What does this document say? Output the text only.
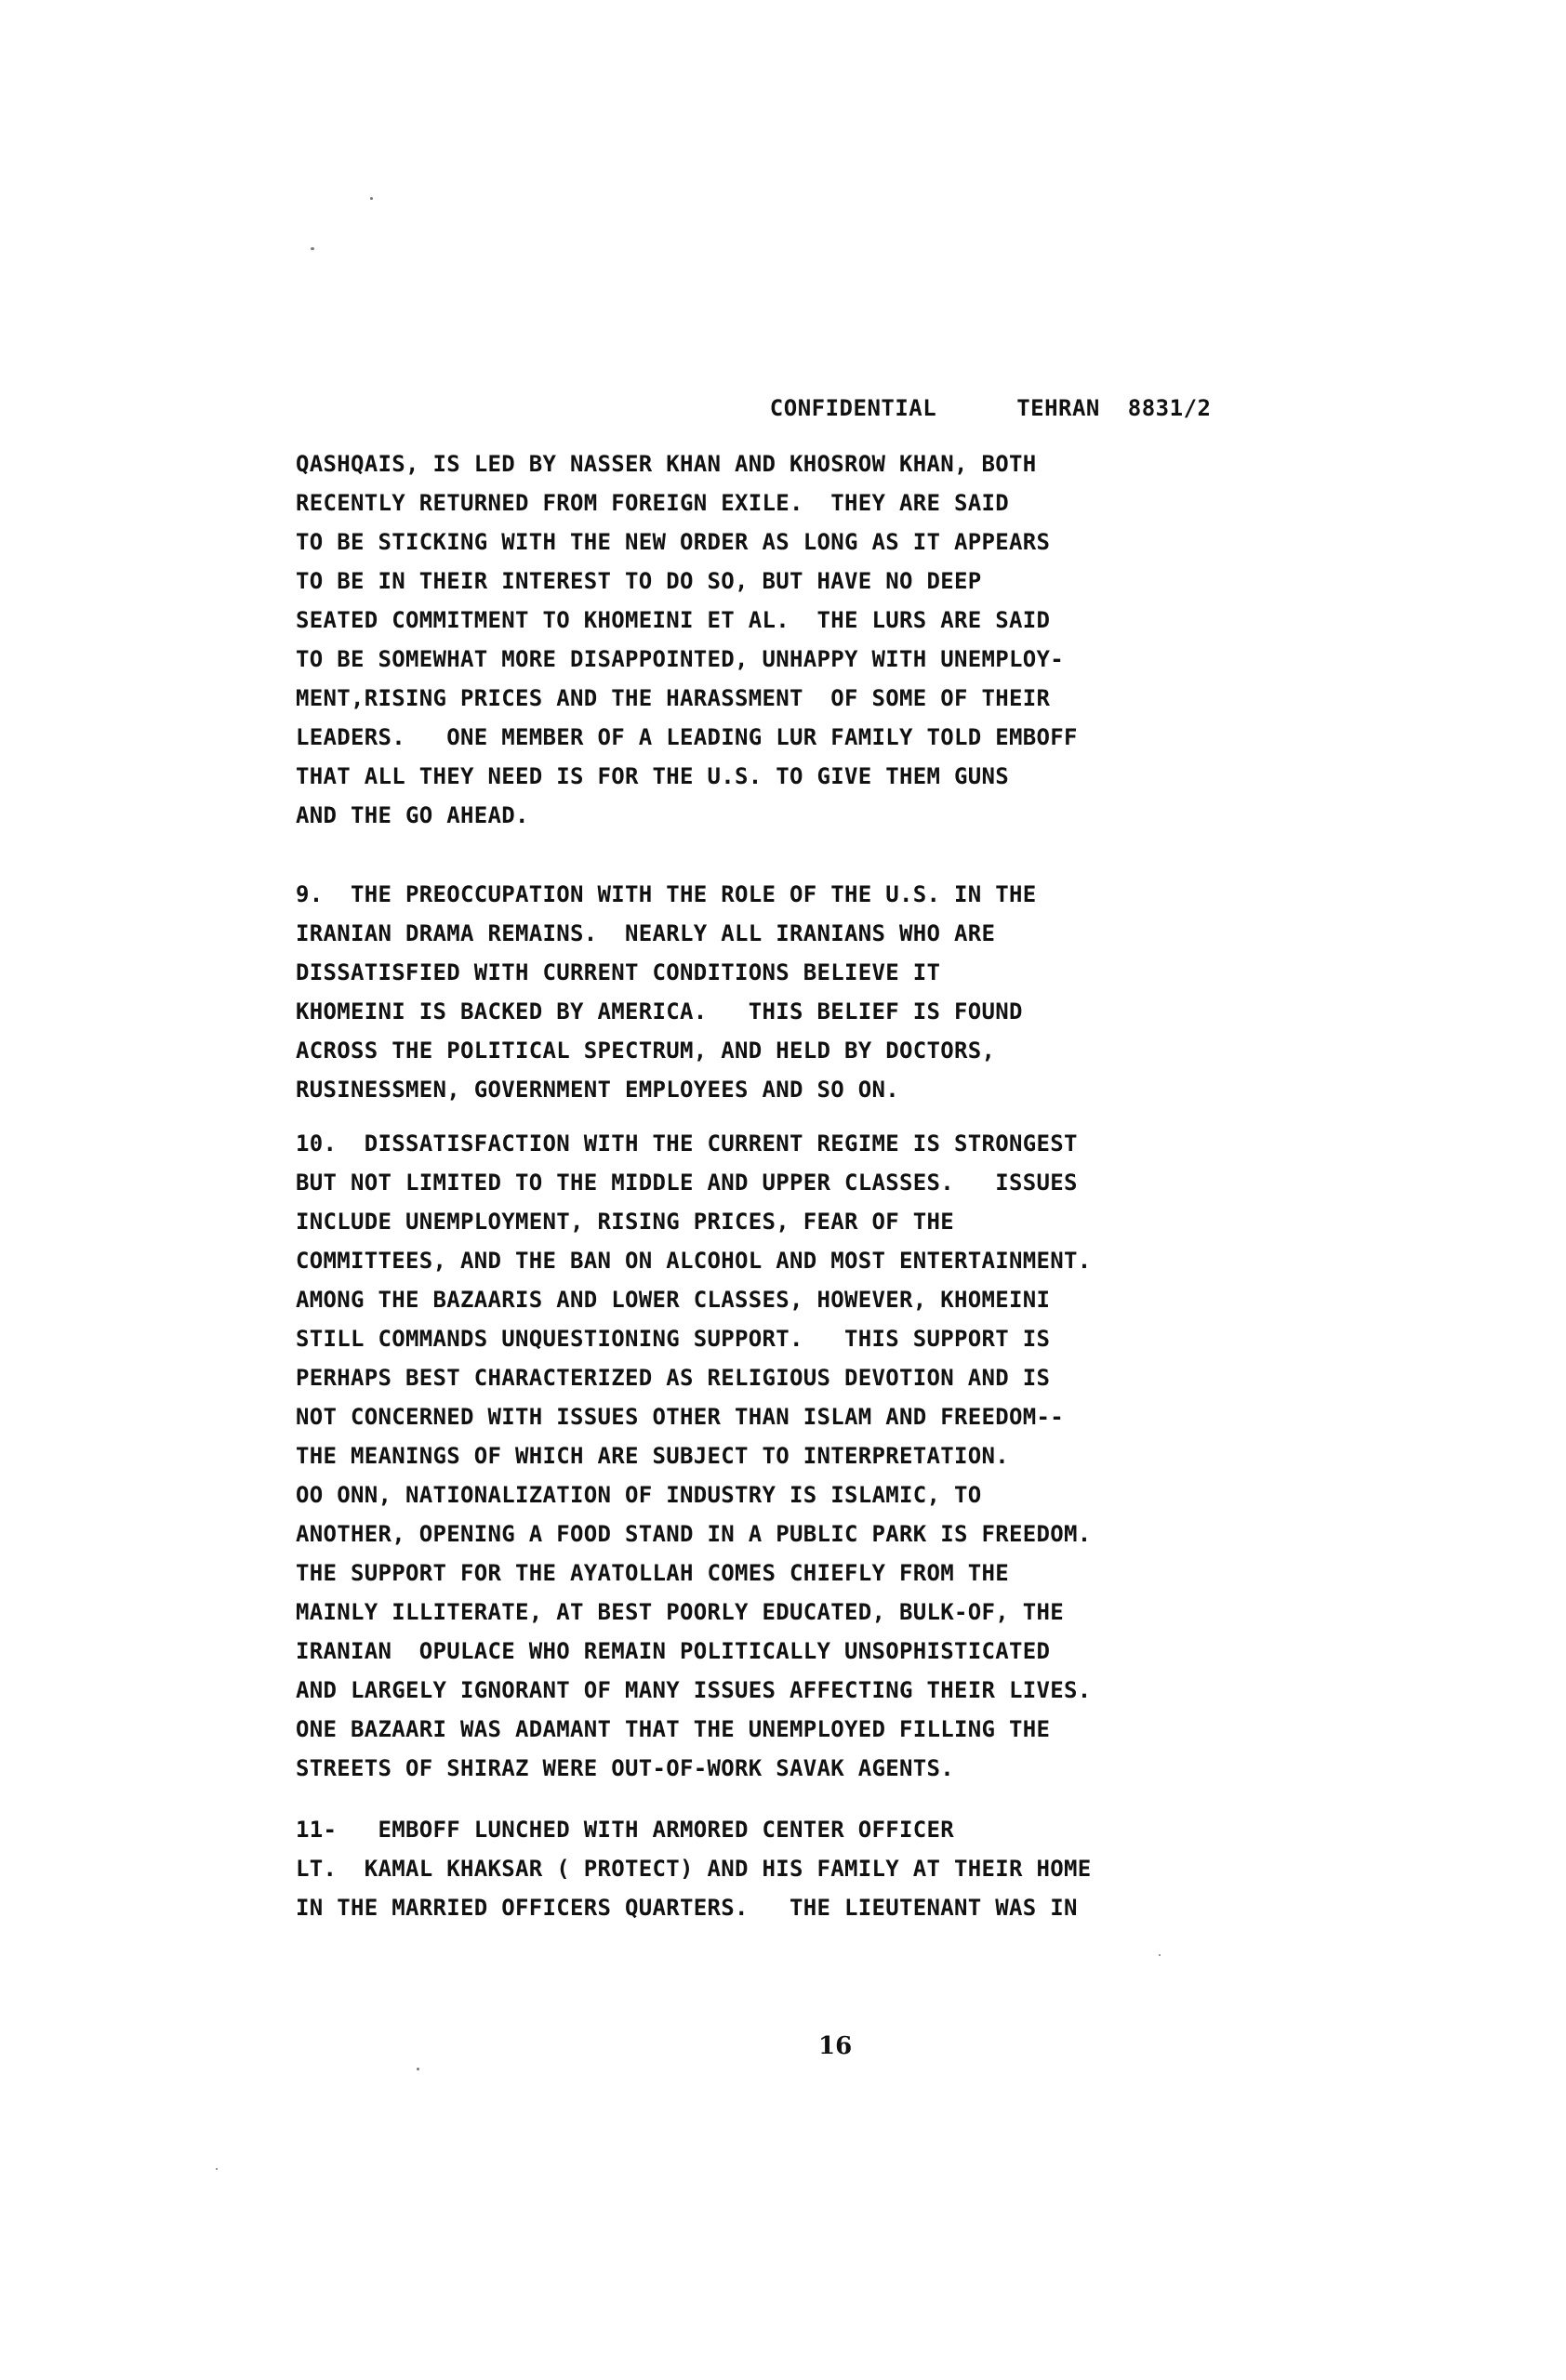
CONFIDENTIAL	TEHRAN  8831/2

QASHQAIS, IS LED BY NASSER KHAN AND KHOSROW KHAN, BOTH
RECENTLY RETURNED FROM FOREIGN EXILE.  THEY ARE SAID
TO BE STICKING WITH THE NEW ORDER AS LONG AS IT APPEARS
TO BE IN THEIR INTEREST TO DO SO, BUT HAVE NO DEEP
SEATED COMMITMENT TO KHOMEINI ET AL.  THE LURS ARE SAID
TO BE SOMEWHAT MORE DISAPPOINTED, UNHAPPY WITH UNEMPLOY-
MENT,RISING PRICES AND THE HARASSMENT  OF SOME OF THEIR
LEADERS.   ONE MEMBER OF A LEADING LUR FAMILY TOLD EMBOFF
THAT ALL THEY NEED IS FOR THE U.S. TO GIVE THEM GUNS
AND THE GO AHEAD.
9.  THE PREOCCUPATION WITH THE ROLE OF THE U.S. IN THE
IRANIAN DRAMA REMAINS.  NEARLY ALL IRANIANS WHO ARE
DISSATISFIED WITH CURRENT CONDITIONS BELIEVE IT
KHOMEINI IS BACKED BY AMERICA.   THIS BELIEF IS FOUND
ACROSS THE POLITICAL SPECTRUM, AND HELD BY DOCTORS,
RUSINESSMEN, GOVERNMENT EMPLOYEES AND SO ON.
10.  DISSATISFACTION WITH THE CURRENT REGIME IS STRONGEST
BUT NOT LIMITED TO THE MIDDLE AND UPPER CLASSES.   ISSUES
INCLUDE UNEMPLOYMENT, RISING PRICES, FEAR OF THE
COMMITTEES, AND THE BAN ON ALCOHOL AND MOST ENTERTAINMENT.
AMONG THE BAZAARIS AND LOWER CLASSES, HOWEVER, KHOMEINI
STILL COMMANDS UNQUESTIONING SUPPORT.   THIS SUPPORT IS
PERHAPS BEST CHARACTERIZED AS RELIGIOUS DEVOTION AND IS
NOT CONCERNED WITH ISSUES OTHER THAN ISLAM AND FREEDOM--
THE MEANINGS OF WHICH ARE SUBJECT TO INTERPRETATION.
OO ONN, NATIONALIZATION OF INDUSTRY IS ISLAMIC, TO
ANOTHER, OPENING A FOOD STAND IN A PUBLIC PARK IS FREEDOM.
THE SUPPORT FOR THE AYATOLLAH COMES CHIEFLY FROM THE
MAINLY ILLITERATE, AT BEST POORLY EDUCATED, BULK-OF, THE
IRANIAN  OPULACE WHO REMAIN POLITICALLY UNSOPHISTICATED
AND LARGELY IGNORANT OF MANY ISSUES AFFECTING THEIR LIVES.
ONE BAZAARI WAS ADAMANT THAT THE UNEMPLOYED FILLING THE
STREETS OF SHIRAZ WERE OUT-OF-WORK SAVAK AGENTS.
11-   EMBOFF LUNCHED WITH ARMORED CENTER OFFICER
LT.  KAMAL KHAKSAR ( PROTECT) AND HIS FAMILY AT THEIR HOME
IN THE MARRIED OFFICERS QUARTERS.   THE LIEUTENANT WAS IN
16
